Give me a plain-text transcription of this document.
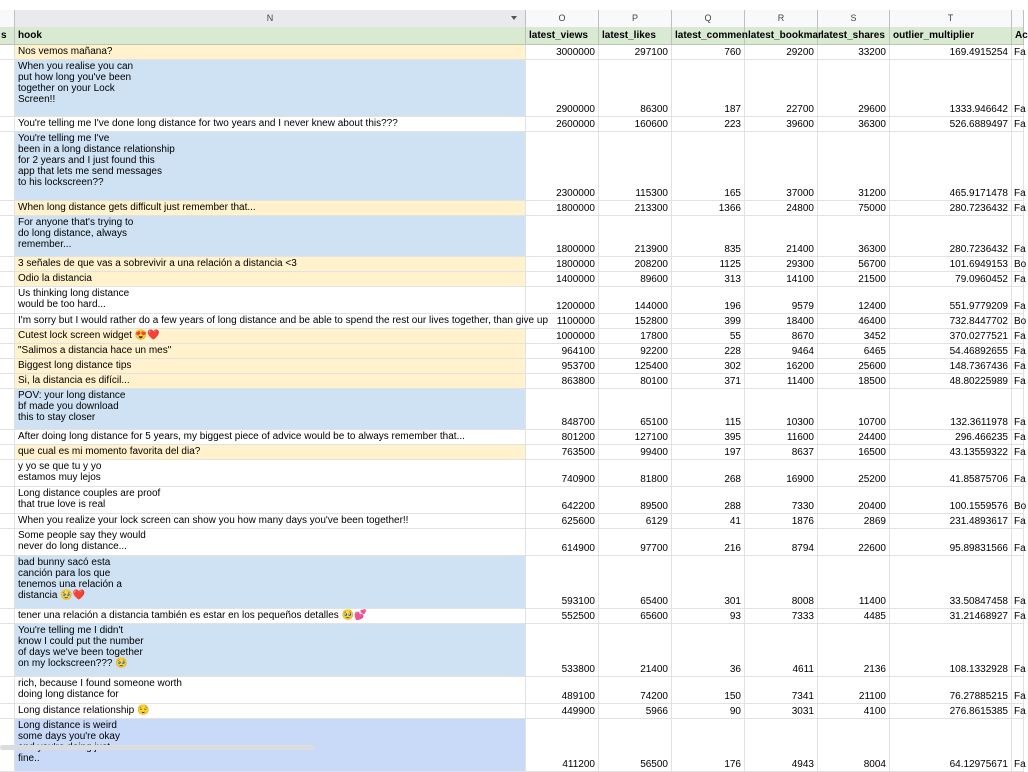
N	O	P	Q	R	S	T
s	hook	latest_views	latest_likes	latest_commen latest_bookmar latest_shares outlier_multiplier	Ac
Nos vemos mañana?	3000000	297100	760	29200	33200	169.4915254 Fa
When you realise you can
put how long you've been
together on your Lock
Screen!!
2900000	86300	187	22700	29600	1333.946642 Fa
You're telling me I've done long distance for two years and I never knew about this???	2600000	160600	223	39600	36300	526.6889497 Fa
You're telling me I've
been in a long distance relationship
for 2 years and I just found this
app that lets me send messages
to his lockscreen??
2300000	115300	165	37000	31200	465.9171478 Fa
When long distance gets difficult just remember that...	1800000	213300	1366	24800	75000	280.7236432 Fa
For anyone that's trying to
do long distance, always
remember...	1800000	213900	835	21400	36300	280.7236432 Fa
3 señales de que vas a sobrevivir a una relación a distancia <3	1800000	208200	1125	29300	56700	101.6949153 Bo
Odio la distancia	1400000	89600	313	14100	21500	79.0960452 Fa
Us thinking long distance
would be too hard...	1200000	144000	196	9579	12400	551.9779209 Fa
I'm sorry but I would rather do a few years of long distance and be able to spend the rest our lives together, than give up 1100000	152800	399	18400	46400	732.8447702 Bo
Cutest lock screen widget 😍❤️	1000000	17800	55	8670	3452	370.0277521 Fa
"Salimos a distancia hace un mes"	964100	92200	228	9464	6465	54.46892655 Fa
Biggest long distance tips	953700	125400	302	16200	25600	148.7367436 Fa
Si, la distancia es difícil...	863800	80100	371	11400	18500	48.80225989 Fa
POV: your long distance
bf made you download
this to stay closer	848700	65100	115	10300	10700	132.3611978 Fa
After doing long distance for 5 years, my biggest piece of advice would be to always remember that...	801200	127100	395	11600	24400	296.466235 Fa
que cual es mi momento favorita del dia?	763500	99400	197	8637	16500	43.13559322 Fa
y yo se que tu y yo
estamos muy lejos	740900	81800	268	16900	25200	41.85875706 Fa
Long distance couples are proof
that true love is real	642200	89500	288	7330	20400	100.1559576 Bo
When you realize your lock screen can show you how many days you've been together!!	625600	6129	41	1876	2869	231.4893617 Fa
Some people say they would
never do long distance...	614900	97700	216	8794	22600	95.89831566 Fa
bad bunny sacó esta
canción para los que
tenemos una relación a
distancia 🥹❤️
593100	65400	301	8008	11400	33.50847458 Fa
tener una relación a distancia también es estar en los pequeños detalles 🥹💕	552500	65600	93	7333	4485	31.21468927 Fa
You're telling me I didn't
know I could put the number
of days we've been together
on my lockscreen??? 🥹
533800	21400	36	4611	2136	108.1332928 Fa
rich, because I found someone worth
doing long distance for	489100	74200	150	7341	21100	76.27885215 Fa
Long distance relationship 😌	449900	5966	90	3031	4100	276.8615385 Fa
Long distance is weird
some days you're okay

fine..
411200	56500	176	4943	8004	64.12975671 Fa
